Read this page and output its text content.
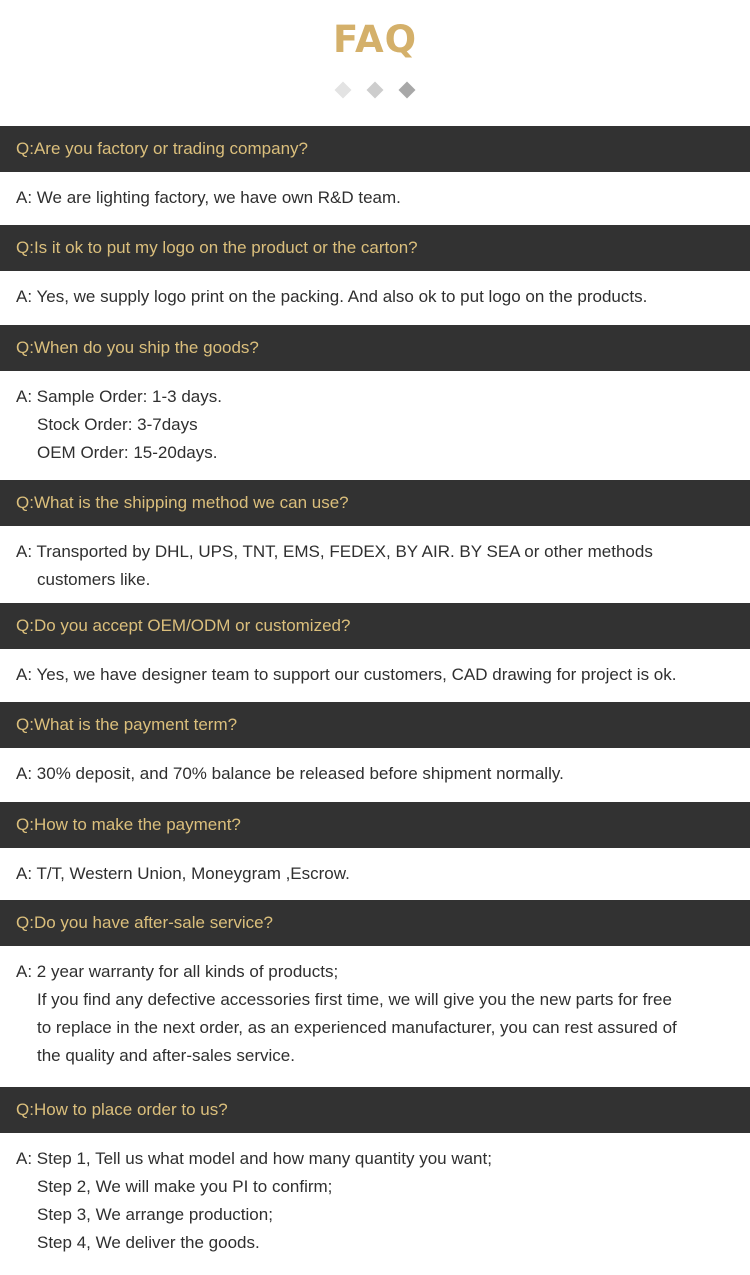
FAQ
Q:Are you factory or trading company?
A: We are lighting factory, we have own R&D team.
Q:Is it ok to put my logo on the product or the carton?
A: Yes, we supply logo print on the packing. And also ok to put logo on the products.
Q:When do you ship the goods?
A: Sample Order: 1-3 days.
Stock Order: 3-7days
OEM Order: 15-20days.
Q:What is the shipping method we can use?
A: Transported by DHL, UPS, TNT, EMS, FEDEX, BY AIR. BY SEA or other methods
customers like.
Q:Do you accept OEM/ODM or customized?
A: Yes, we have designer team to support our customers, CAD drawing for project is ok.
Q:What is the payment term?
A: 30% deposit, and 70% balance be released before shipment normally.
Q:How to make the payment?
A: T/T, Western Union, Moneygram ,Escrow.
Q:Do you have after-sale service?
A: 2 year warranty for all kinds of products;
If you find any defective accessories first time, we will give you the new parts for free
to replace in the next order, as an experienced manufacturer, you can rest assured of
the quality and after-sales service.
Q:How to place order to us?
A: Step 1, Tell us what model and how many quantity you want;
Step 2, We will make you PI to confirm;
Step 3, We arrange production;
Step 4, We deliver the goods.
